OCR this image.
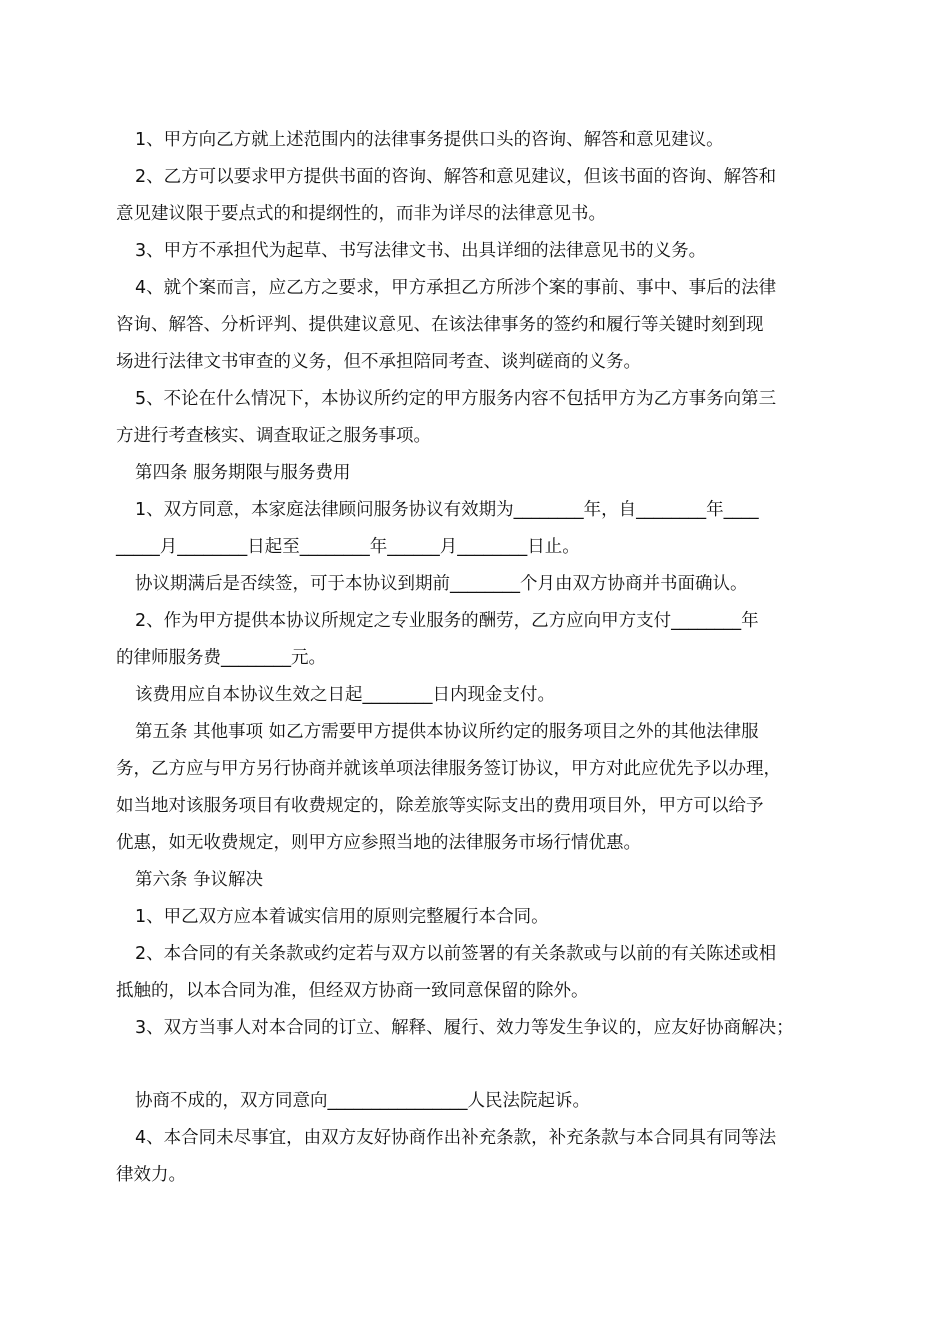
1、甲方向乙方就上述范围内的法律事务提供口头的咨询、解答和意见建议。
2、乙方可以要求甲方提供书面的咨询、解答和意见建议，但该书面的咨询、解答和
意见建议限于要点式的和提纲性的，而非为详尽的法律意见书。
3、甲方不承担代为起草、书写法律文书、出具详细的法律意见书的义务。
4、就个案而言，应乙方之要求，甲方承担乙方所涉个案的事前、事中、事后的法律
咨询、解答、分析评判、提供建议意见、在该法律事务的签约和履行等关键时刻到现
场进行法律文书审查的义务，但不承担陪同考查、谈判磋商的义务。
5、不论在什么情况下，本协议所约定的甲方服务内容不包括甲方为乙方事务向第三
方进行考查核实、调查取证之服务事项。
第四条 服务期限与服务费用
1、双方同意，本家庭法律顾问服务协议有效期为________年，自________年____
_____月________日起至________年______月________日止。
协议期满后是否续签，可于本协议到期前________个月由双方协商并书面确认。
2、作为甲方提供本协议所规定之专业服务的酬劳，乙方应向甲方支付________年
的律师服务费________元。
该费用应自本协议生效之日起________日内现金支付。
第五条 其他事项 如乙方需要甲方提供本协议所约定的服务项目之外的其他法律服
务，乙方应与甲方另行协商并就该单项法律服务签订协议，甲方对此应优先予以办理，
如当地对该服务项目有收费规定的，除差旅等实际支出的费用项目外，甲方可以给予
优惠，如无收费规定，则甲方应参照当地的法律服务市场行情优惠。
第六条 争议解决
1、甲乙双方应本着诚实信用的原则完整履行本合同。
2、本合同的有关条款或约定若与双方以前签署的有关条款或与以前的有关陈述或相
抵触的，以本合同为准，但经双方协商一致同意保留的除外。
3、双方当事人对本合同的订立、解释、履行、效力等发生争议的，应友好协商解决；
协商不成的，双方同意向________________人民法院起诉。
4、本合同未尽事宜，由双方友好协商作出补充条款，补充条款与本合同具有同等法
律效力。
